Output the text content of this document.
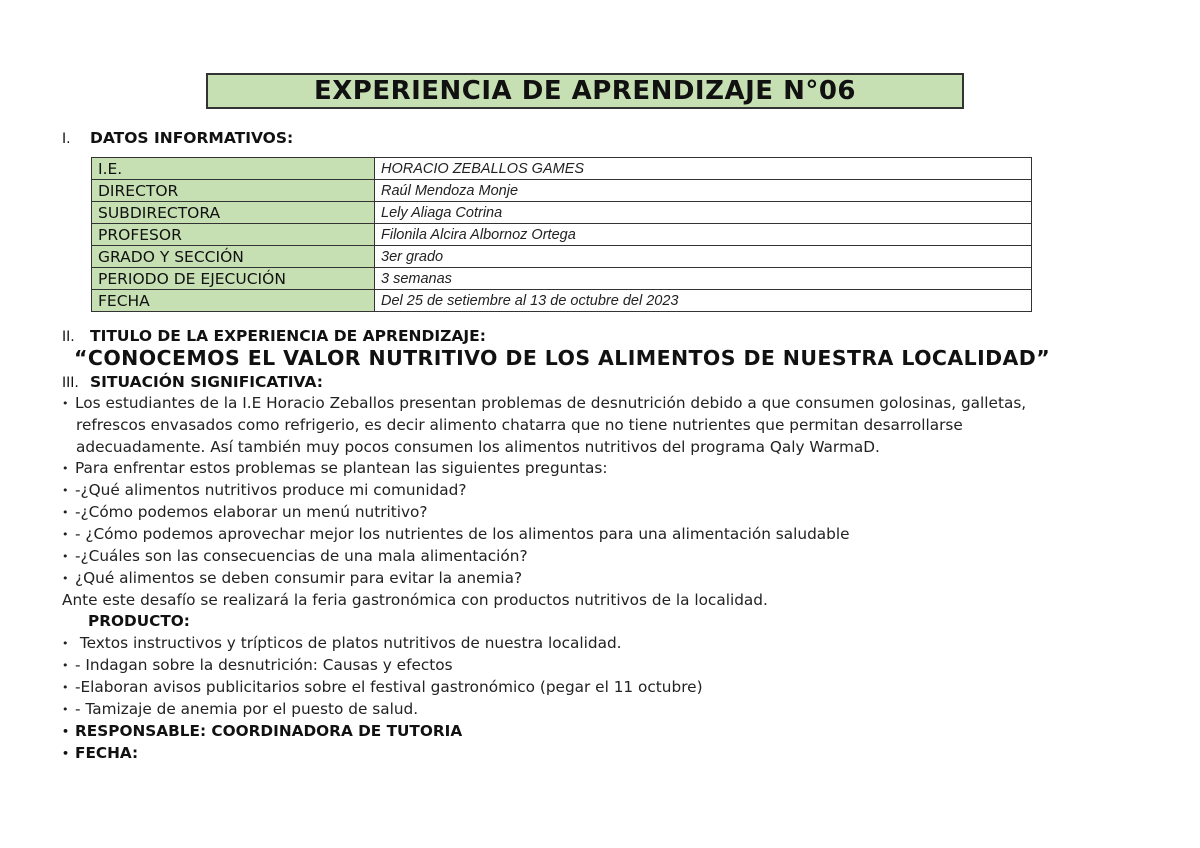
EXPERIENCIA DE APRENDIZAJE N°06
I. DATOS INFORMATIVOS:
I.E.	HORACIO ZEBALLOS GAMES
DIRECTOR	Raúl Mendoza Monje
SUBDIRECTORA	Lely Aliaga Cotrina
PROFESOR	Filonila Alcira Albornoz Ortega
GRADO Y SECCIÓN	3er grado
PERIODO DE EJECUCIÓN	3 semanas
FECHA	Del 25 de setiembre al 13 de octubre del 2023
II. TITULO DE LA EXPERIENCIA DE APRENDIZAJE:
“CONOCEMOS EL VALOR NUTRITIVO DE LOS ALIMENTOS DE NUESTRA LOCALIDAD”
III. SITUACIÓN SIGNIFICATIVA:
• Los estudiantes de la I.E Horacio Zeballos presentan problemas de desnutrición debido a que consumen golosinas, galletas,
refrescos envasados como refrigerio, es decir alimento chatarra que no tiene nutrientes que permitan desarrollarse
adecuadamente. Así también muy pocos consumen los alimentos nutritivos del programa Qaly WarmaD.
• Para enfrentar estos problemas se plantean las siguientes preguntas:
• -¿Qué alimentos nutritivos produce mi comunidad?
• -¿Cómo podemos elaborar un menú nutritivo?
• - ¿Cómo podemos aprovechar mejor los nutrientes de los alimentos para una alimentación saludable
• -¿Cuáles son las consecuencias de una mala alimentación?
• ¿Qué alimentos se deben consumir para evitar la anemia?
Ante este desafío se realizará la feria gastronómica con productos nutritivos de la localidad.
PRODUCTO:
• Textos instructivos y trípticos de platos nutritivos de nuestra localidad.
• - Indagan sobre la desnutrición: Causas y efectos
• -Elaboran avisos publicitarios sobre el festival gastronómico (pegar el 11 octubre)
• - Tamizaje de anemia por el puesto de salud.
• RESPONSABLE: COORDINADORA DE TUTORIA
• FECHA:
